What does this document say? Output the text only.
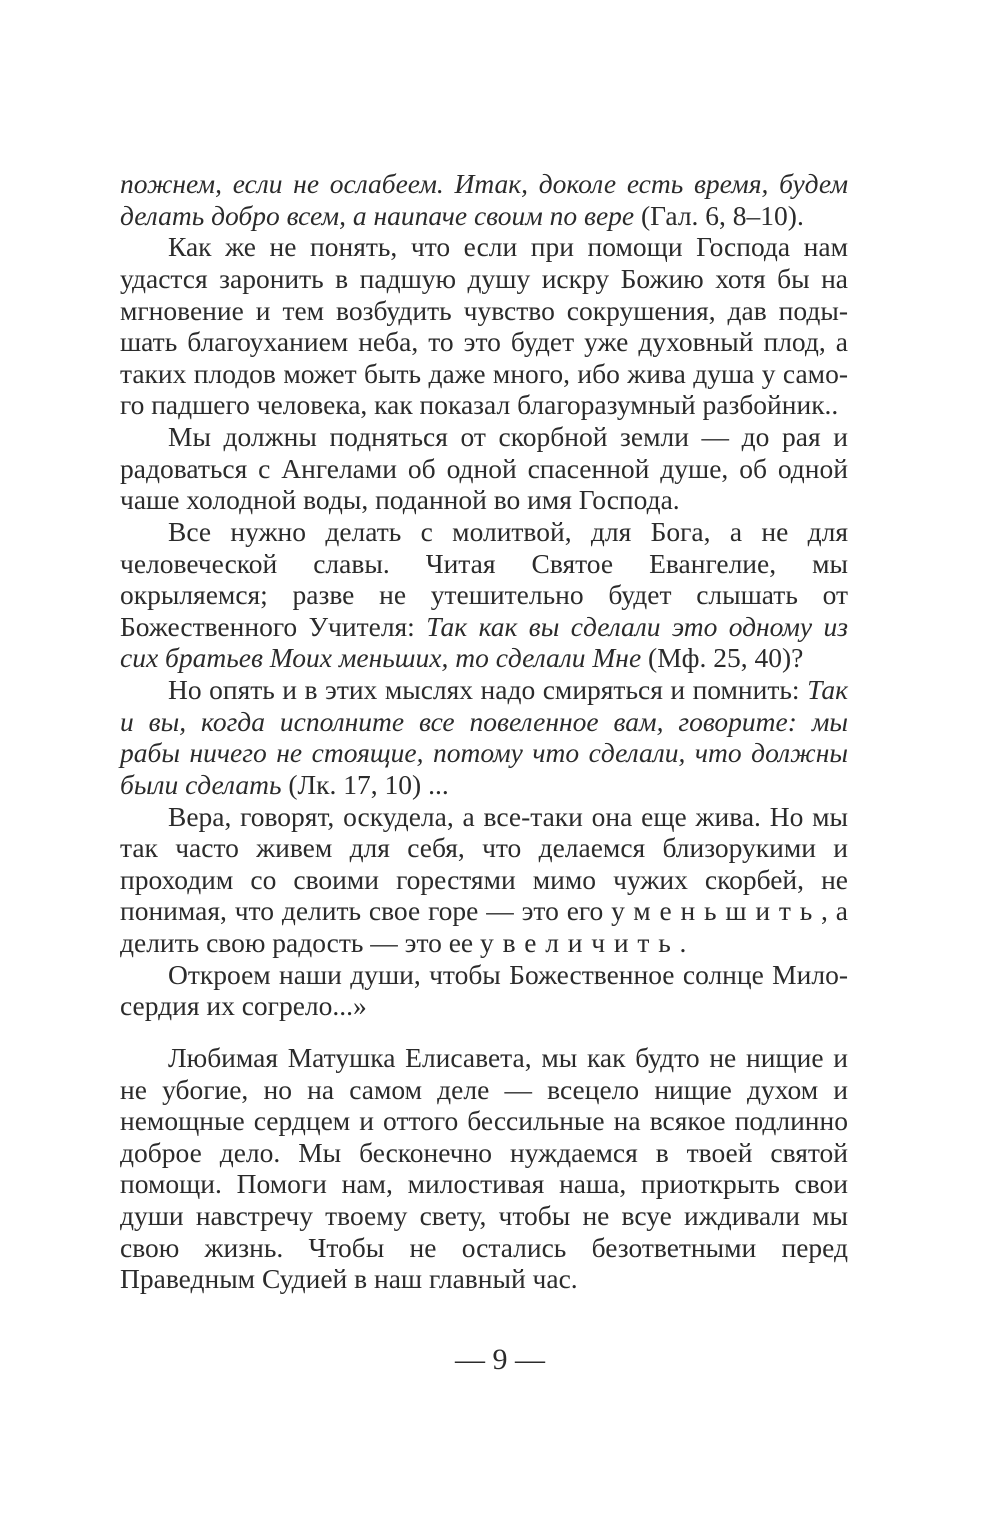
пожнем, если не ослабеем. Итак, доколе есть время, будем делать добро всем, а наипаче своим по вере (Гал. 6, 8–10).

Как же не понять, что если при помощи Господа нам удастся заронить в падшую душу искру Божию хотя бы на мгновение и тем возбудить чувство сокрушения, дав подышать благоуханием неба, то это будет уже духовный плод, а таких плодов может быть даже много, ибо жива душа у самого падшего человека, как показал благоразумный разбойник..

Мы должны подняться от скорбной земли — до рая и радоваться с Ангелами об одной спасенной душе, об одной чаше холодной воды, поданной во имя Господа.

Все нужно делать с молитвой, для Бога, а не для человеческой славы. Читая Святое Евангелие, мы окрыляемся; разве не утешительно будет слышать от Божественного Учителя: Так как вы сделали это одному из сих братьев Моих меньших, то сделали Мне (Мф. 25, 40)?

Но опять и в этих мыслях надо смиряться и помнить: Так и вы, когда исполните все повеленное вам, говорите: мы рабы ничего не стоящие, потому что сделали, что должны были сделать (Лк. 17, 10) ...

Вера, говорят, оскудела, а все-таки она еще жива. Но мы так часто живем для себя, что делаемся близорукими и проходим со своими горестями мимо чужих скорбей, не понимая, что делить свое горе — это его уменьшить, а делить свою радость — это ее увеличить.

Откроем наши души, чтобы Божественное солнце Милосердия их согрело...»

Любимая Матушка Елисавета, мы как будто не нищие и не убогие, но на самом деле — всецело нищие духом и немощные сердцем и оттого бессильные на всякое подлинно доброе дело. Мы бесконечно нуждаемся в твоей святой помощи. Помоги нам, милостивая наша, приоткрыть свои души навстречу твоему свету, чтобы не всуе иждивали мы свою жизнь. Чтобы не остались безответными перед Праведным Судией в наш главный час.

— 9 —
